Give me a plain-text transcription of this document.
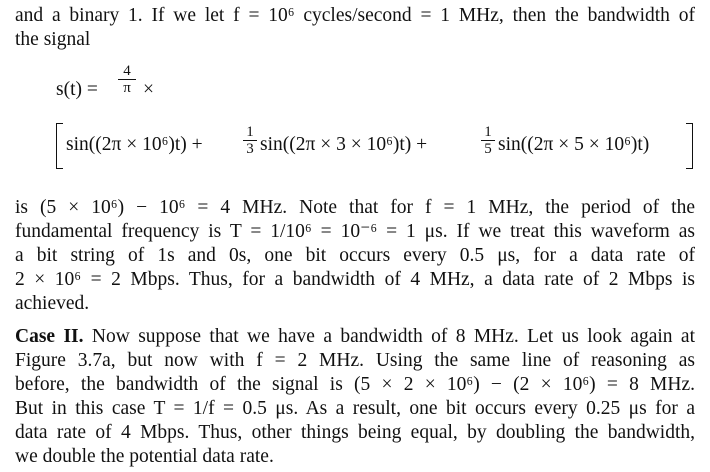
and a binary 1. If we let f = 10⁶ cycles/second = 1 MHz, then the bandwidth of
the signal
s(t) =
4
π ×
sin((2π × 10⁶)t) +
1
3 sin((2π × 3 × 10⁶)t) +
1
5 sin((2π × 5 × 10⁶)t)
is (5 × 10⁶) − 10⁶ = 4 MHz. Note that for f = 1 MHz, the period of the
fundamental frequency is T = 1/10⁶ = 10⁻⁶ = 1 μs. If we treat this waveform as
a bit string of 1s and 0s, one bit occurs every 0.5 μs, for a data rate of
2 × 10⁶ = 2 Mbps. Thus, for a bandwidth of 4 MHz, a data rate of 2 Mbps is
achieved.
Case II. Now suppose that we have a bandwidth of 8 MHz. Let us look again at
Figure 3.7a, but now with f = 2 MHz. Using the same line of reasoning as
before, the bandwidth of the signal is (5 × 2 × 10⁶) − (2 × 10⁶) = 8 MHz.
But in this case T = 1/f = 0.5 μs. As a result, one bit occurs every 0.25 μs for a
data rate of 4 Mbps. Thus, other things being equal, by doubling the bandwidth,
we double the potential data rate.
